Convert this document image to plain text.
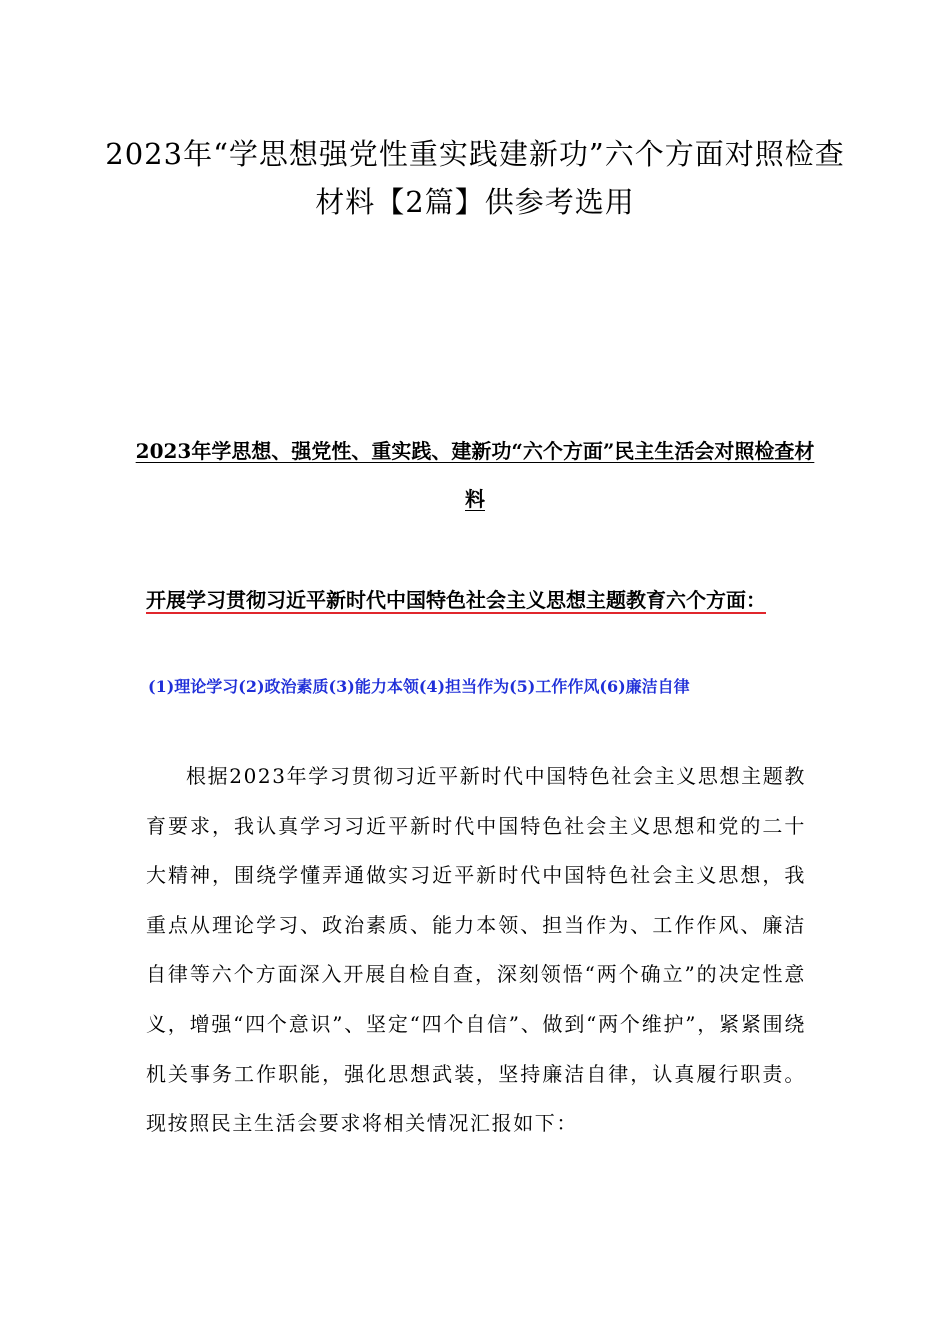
2023年“学思想强党性重实践建新功”六个方面对照检查材料【2篇】供参考选用
2023年学思想、强党性、重实践、建新功“六个方面”民主生活会对照检查材料

开展学习贯彻习近平新时代中国特色社会主义思想主题教育六个方面：

(1)理论学习(2)政治素质(3)能力本领(4)担当作为(5)工作作风(6)廉洁自律

根据2023年学习贯彻习近平新时代中国特色社会主义思想主题教育要求，我认真学习习近平新时代中国特色社会主义思想和党的二十大精神，围绕学懂弄通做实习近平新时代中国特色社会主义思想，我重点从理论学习、政治素质、能力本领、担当作为、工作作风、廉洁自律等六个方面深入开展自检自查，深刻领悟“两个确立”的决定性意义，增强“四个意识”、坚定“四个自信”、做到“两个维护”，紧紧围绕机关事务工作职能，强化思想武装，坚持廉洁自律，认真履行职责。现按照民主生活会要求将相关情况汇报如下：
